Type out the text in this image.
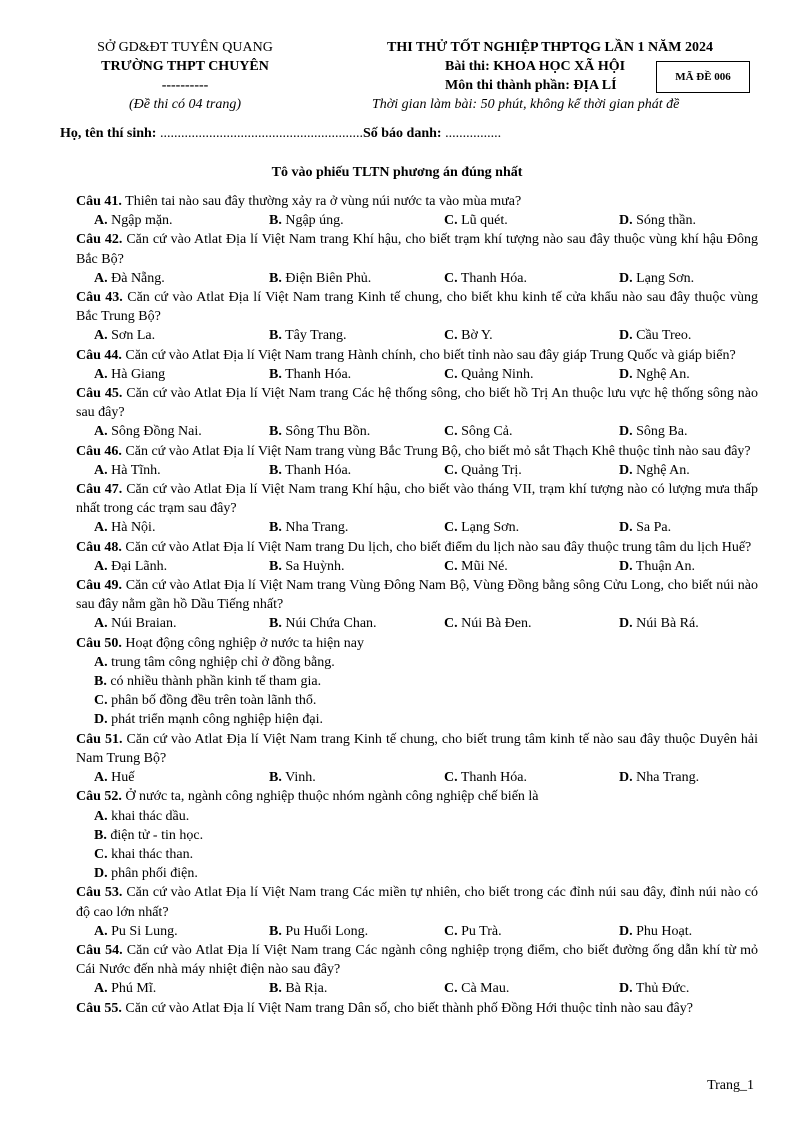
SỞ GD&ĐT TUYÊN QUANG
TRƯỜNG THPT CHUYÊN
----------
(Đề thi có 04 trang)
THI THỬ TỐT NGHIỆP THPTQG LẦN 1 NĂM 2024
Bài thi: KHOA HỌC XÃ HỘI
Môn thi thành phần: ĐỊA LÍ
Thời gian làm bài: 50 phút, không kể thời gian phát đề
MÃ ĐỀ 006
Họ, tên thí sinh: ..........................................................Số báo danh: ................
Tô vào phiếu TLTN phương án đúng nhất
Câu 41. Thiên tai nào sau đây thường xảy ra ở vùng núi nước ta vào mùa mưa?
A. Ngập mặn.	B. Ngập úng.	C. Lũ quét.	D. Sóng thần.
Câu 42. Căn cứ vào Atlat Địa lí Việt Nam trang Khí hậu, cho biết trạm khí tượng nào sau đây thuộc vùng khí hậu Đông Bắc Bộ?
A. Đà Nẵng.	B. Điện Biên Phủ.	C. Thanh Hóa.	D. Lạng Sơn.
Câu 43. Căn cứ vào Atlat Địa lí Việt Nam trang Kinh tế chung, cho biết khu kinh tế cửa khẩu nào sau đây thuộc vùng Bắc Trung Bộ?
A. Sơn La.	B. Tây Trang.	C. Bờ Y.	D. Cầu Treo.
Câu 44. Căn cứ vào Atlat Địa lí Việt Nam trang Hành chính, cho biết tỉnh nào sau đây giáp Trung Quốc và giáp biển?
A. Hà Giang	B. Thanh Hóa.	C. Quảng Ninh.	D. Nghệ An.
Câu 45. Căn cứ vào Atlat Địa lí Việt Nam trang Các hệ thống sông, cho biết hồ Trị An thuộc lưu vực hệ thống sông nào sau đây?
A. Sông Đồng Nai.	B. Sông Thu Bồn.	C. Sông Cả.	D. Sông Ba.
Câu 46. Căn cứ vào Atlat Địa lí Việt Nam trang vùng Bắc Trung Bộ, cho biết mỏ sắt Thạch Khê thuộc tỉnh nào sau đây?
A. Hà Tĩnh.	B. Thanh Hóa.	C. Quảng Trị.	D. Nghệ An.
Câu 47. Căn cứ vào Atlat Địa lí Việt Nam trang Khí hậu, cho biết vào tháng VII, trạm khí tượng nào có lượng mưa thấp nhất trong các trạm sau đây?
A. Hà Nội.	B. Nha Trang.	C. Lạng Sơn.	D. Sa Pa.
Câu 48. Căn cứ vào Atlat Địa lí Việt Nam trang Du lịch, cho biết điểm du lịch nào sau đây thuộc trung tâm du lịch Huế?
A. Đại Lãnh.	B. Sa Huỳnh.	C. Mũi Né.	D. Thuận An.
Câu 49. Căn cứ vào Atlat Địa lí Việt Nam trang Vùng Đông Nam Bộ, Vùng Đồng bằng sông Cửu Long, cho biết núi nào sau đây nằm gần hồ Dầu Tiếng nhất?
A. Núi Braian.	B. Núi Chứa Chan.	C. Núi Bà Đen.	D. Núi Bà Rá.
Câu 50. Hoạt động công nghiệp ở nước ta hiện nay
A. trung tâm công nghiệp chỉ ở đồng bằng.
B. có nhiều thành phần kinh tế tham gia.
C. phân bố đồng đều trên toàn lãnh thổ.
D. phát triển mạnh công nghiệp hiện đại.
Câu 51. Căn cứ vào Atlat Địa lí Việt Nam trang Kinh tế chung, cho biết trung tâm kinh tế nào sau đây thuộc Duyên hải Nam Trung Bộ?
A. Huế	B. Vinh.	C. Thanh Hóa.	D. Nha Trang.
Câu 52. Ở nước ta, ngành công nghiệp thuộc nhóm ngành công nghiệp chế biến là
A. khai thác dầu.
B. điện tử - tin học.
C. khai thác than.
D. phân phối điện.
Câu 53. Căn cứ vào Atlat Địa lí Việt Nam trang Các miền tự nhiên, cho biết trong các đỉnh núi sau đây, đỉnh núi nào có độ cao lớn nhất?
A. Pu Si Lung.	B. Pu Huổi Long.	C. Pu Trà.	D. Phu Hoạt.
Câu 54. Căn cứ vào Atlat Địa lí Việt Nam trang Các ngành công nghiệp trọng điểm, cho biết đường ống dẫn khí từ mỏ Cái Nước đến nhà máy nhiệt điện nào sau đây?
A. Phú Mĩ.	B. Bà Rịa.	C. Cà Mau.	D. Thủ Đức.
Câu 55. Căn cứ vào Atlat Địa lí Việt Nam trang Dân số, cho biết thành phố Đồng Hới thuộc tỉnh nào sau đây?
Trang_1
